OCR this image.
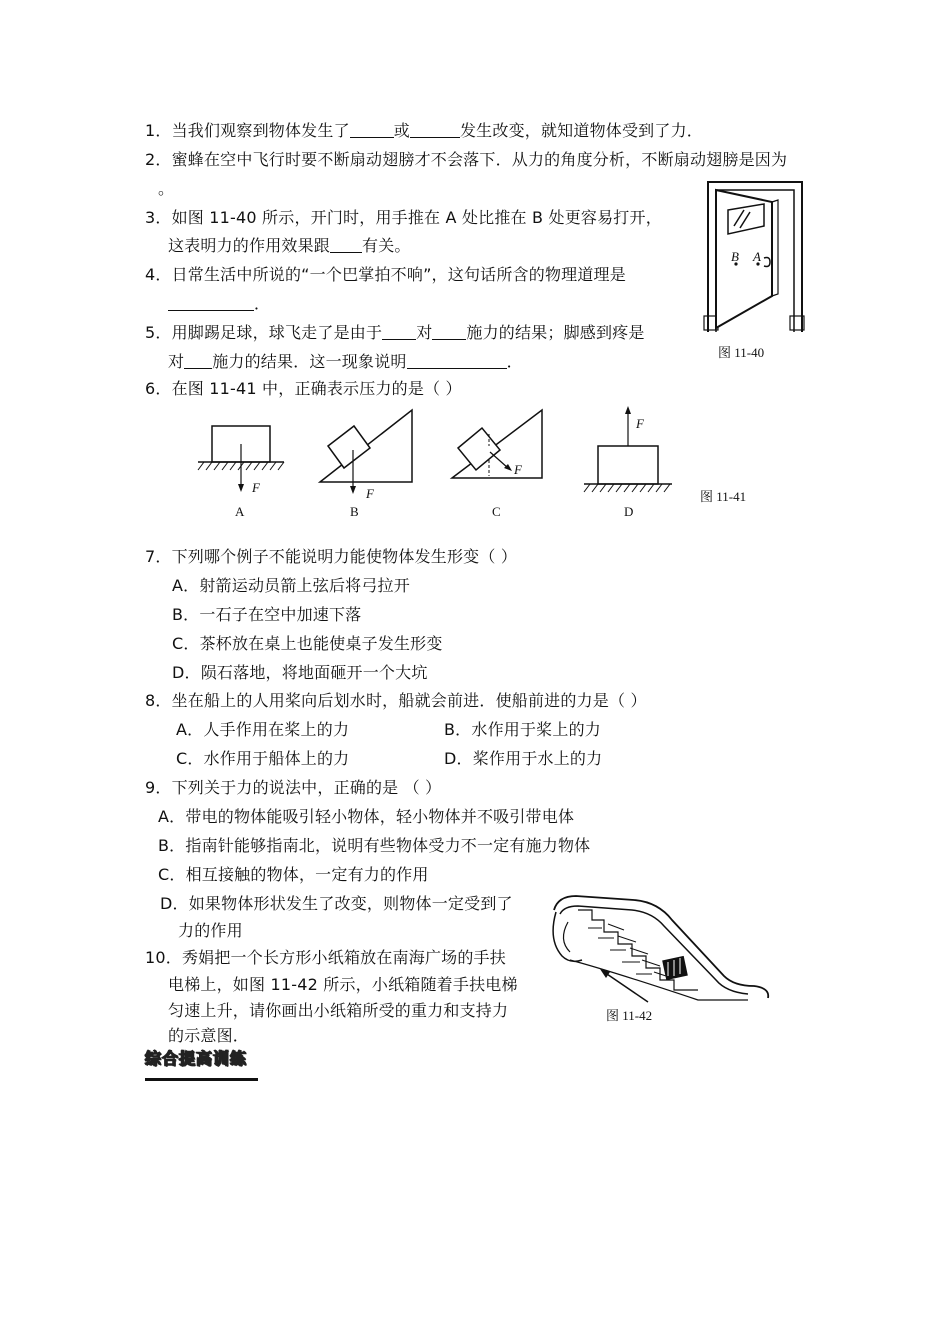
1．当我们观察到物体发生了	或	发生改变，就知道物体受到了力．
2．蜜蜂在空中飞行时要不断扇动翅膀才不会落下．从力的角度分析，不断扇动翅膀是因为
。
3．如图 11-40 所示，开门时，用手推在 A 处比推在 B 处更容易打开，
这表明力的作用效果跟 有关。
4．日常生活中所说的“一个巴掌拍不响”，这句话所含的物理道理是
．
5．用脚踢足球，球飞走了是由于 对 施力的结果；脚感到疼是
对 施力的结果．这一现象说明	．
B A
图 11-40
6．在图 11-41 中，正确表示压力的是（ ）
F
A
F
B
F
C
F
D
图 11-41
7．下列哪个例子不能说明力能使物体发生形变（ ）
A．射箭运动员箭上弦后将弓拉开
B．一石子在空中加速下落
C．茶杯放在桌上也能使桌子发生形变
D．陨石落地，将地面砸开一个大坑
8．坐在船上的人用桨向后划水时，船就会前进．使船前进的力是（ ）
A．人手作用在桨上的力	B．水作用于桨上的力
C．水作用于船体上的力	D．桨作用于水上的力
9．下列关于力的说法中，正确的是 （ ）
A．带电的物体能吸引轻小物体，轻小物体并不吸引带电体
B．指南针能够指南北，说明有些物体受力不一定有施力物体
C．相互接触的物体，一定有力的作用
D．如果物体形状发生了改变，则物体一定受到了
力的作用
10．秀娟把一个长方形小纸箱放在南海广场的手扶
电梯上，如图 11-42 所示，小纸箱随着手扶电梯
匀速上升，请你画出小纸箱所受的重力和支持力
的示意图．
图 11-42
综合提高训练
